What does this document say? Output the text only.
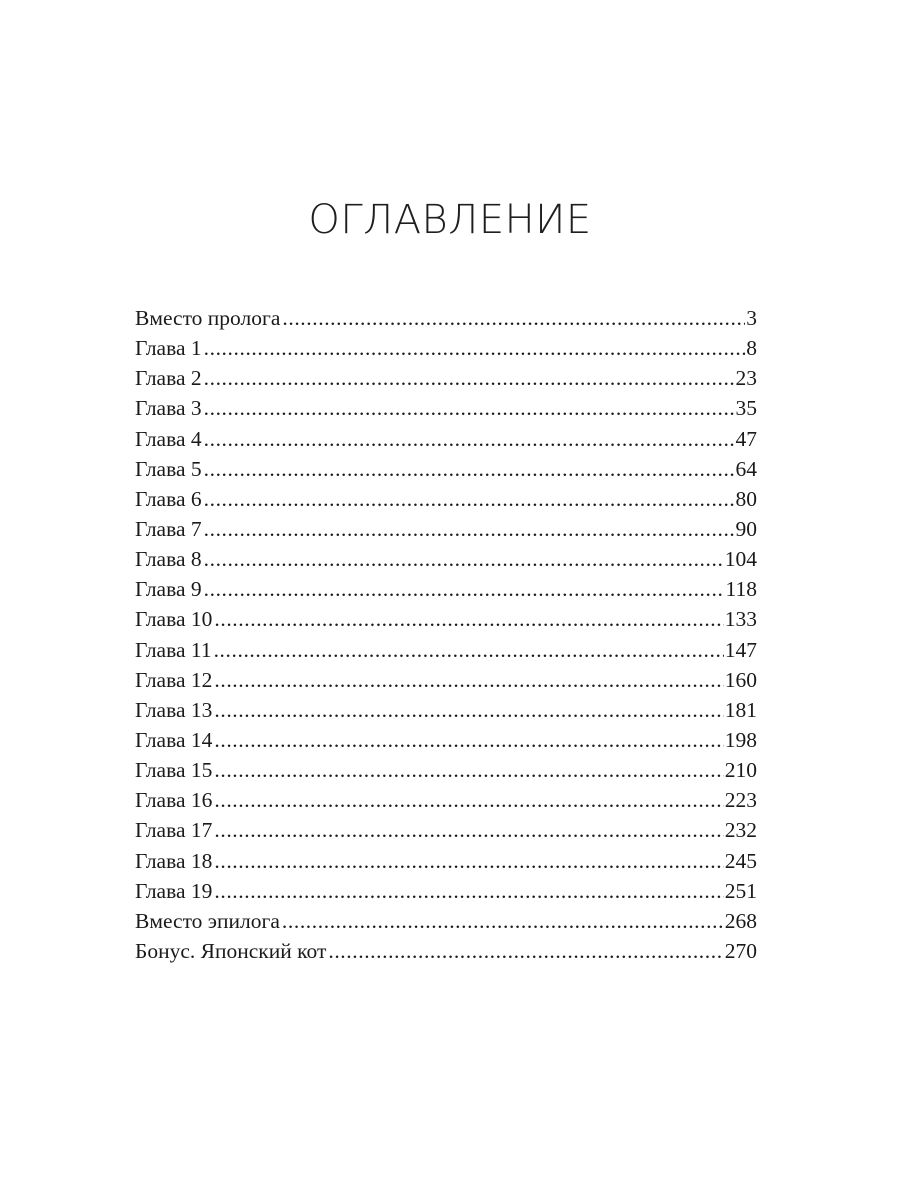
ОГЛАВЛЕНИЕ
Вместо пролога .....	3
Глава 1 .....	8
Глава 2 .....	23
Глава 3 .....	35
Глава 4 .....	47
Глава 5 .....	64
Глава 6 .....	80
Глава 7 .....	90
Глава 8 .....	104
Глава 9 .....	118
Глава 10 .....	133
Глава 11 .....	147
Глава 12 .....	160
Глава 13 .....	181
Глава 14 .....	198
Глава 15 .....	210
Глава 16 .....	223
Глава 17 .....	232
Глава 18 .....	245
Глава 19 .....	251
Вместо эпилога .....	268
Бонус. Японский кот .....	270
